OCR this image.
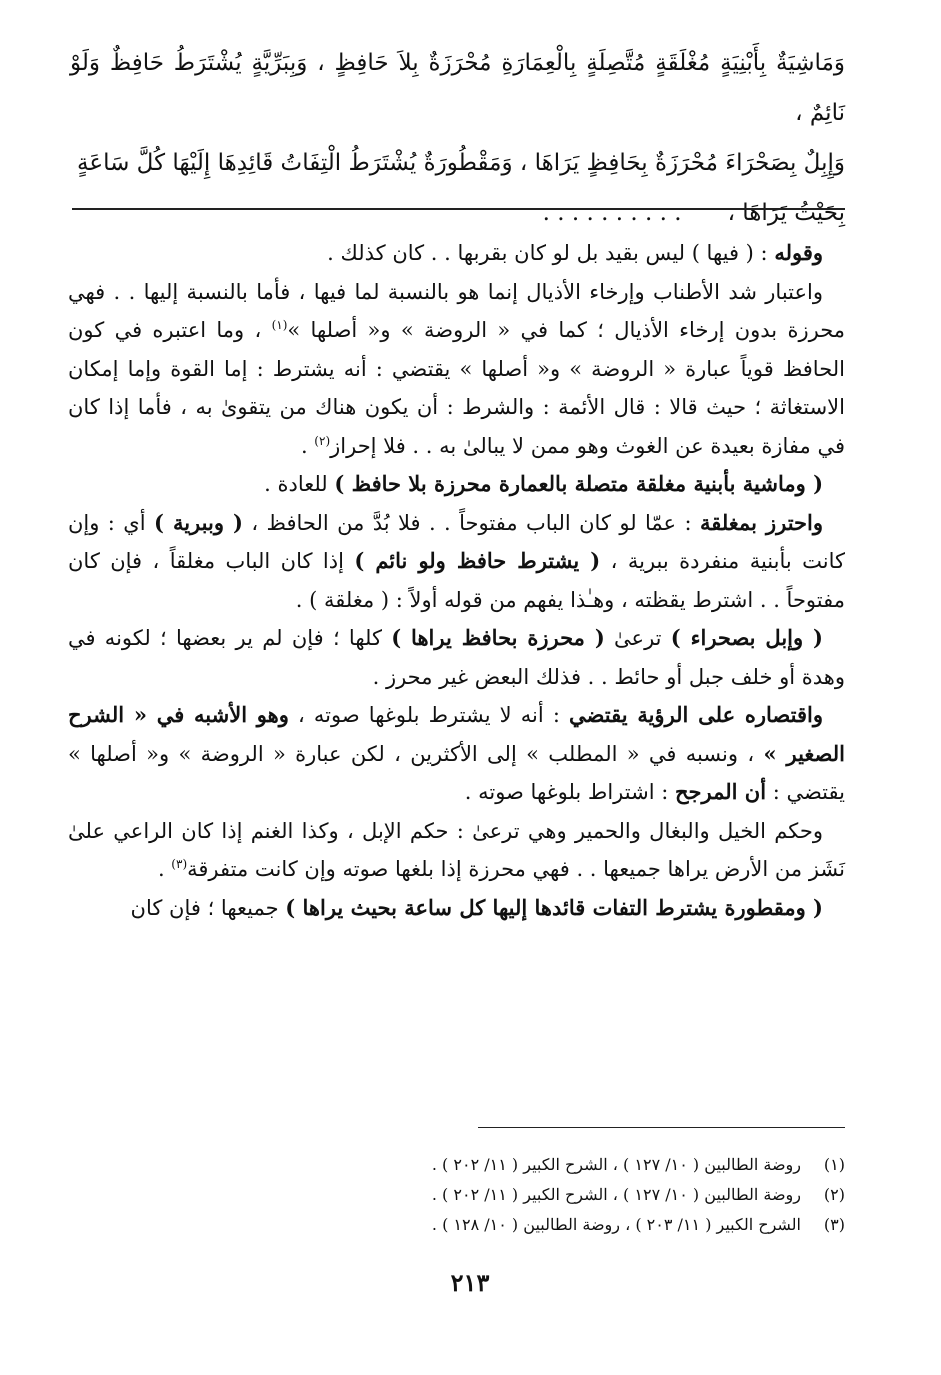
وَمَاشِيَةٌ بِأَبْنِيَةٍ مُغْلَقَةٍ مُتَّصِلَةٍ بِالْعِمَارَةِ مُحْرَزَةٌ بِلاَ حَافِظٍ ، وَبِبَرِّيَّةٍ يُشْتَرَطُ حَافِظٌ وَلَوْ نَائِمٌ ،
وَإِبِلٌ بِصَحْرَاءَ مُحْرَزَةٌ بِحَافِظٍ يَرَاهَا ، وَمَقْطُورَةٌ يُشْتَرَطُ الْتِفَاتُ قَائِدِهَا إِلَيْهَا كُلَّ سَاعَةٍ
بِحَيْثُ يَرَاهَا ،  . . . . . . . . . .

وقوله : ( فيها ) ليس بقيد بل لو كان بقربها . . كان كذلك .

واعتبار شد الأطناب وإرخاء الأذيال إنما هو بالنسبة لما فيها ، فأما بالنسبة إليها . . فهي محرزة بدون إرخاء الأذيال ؛ كما في « الروضة » و« أصلها »$^{(١)}$ ، وما اعتبره في كون الحافظ قوياً عبارة « الروضة » و« أصلها » يقتضي : أنه يشترط : إما القوة وإما إمكان الاستغاثة ؛ حيث قالا : قال الأئمة : والشرط : أن يكون هناك من يتقوىٰ به ، فأما إذا كان في مفازة بعيدة عن الغوث وهو ممن لا يبالىٰ به . . فلا إحراز$^{(٢)}$ .

( وماشية بأبنية مغلقة متصلة بالعمارة محرزة بلا حافظ ) للعادة .

واحترز بمغلقة : عمّا لو كان الباب مفتوحاً . . فلا بُدَّ من الحافظ ، ( وببرية ) أي : وإن كانت بأبنية منفردة ببرية ، ( يشترط حافظ ولو نائم ) إذا كان الباب مغلقاً ، فإن كان مفتوحاً . . اشترط يقظته ، وهـٰذا يفهم من قوله أولاً : ( مغلقة ) .

( وإبل بصحراء ) ترعىٰ ( محرزة بحافظ يراها ) كلها ؛ فإن لم ير بعضها ؛ لكونه في وهدة أو خلف جبل أو حائط . . فذلك البعض غير محرز .

واقتصاره على الرؤية يقتضي : أنه لا يشترط بلوغها صوته ، وهو الأشبه في « الشرح الصغير » ، ونسبه في « المطلب » إلى الأكثرين ، لكن عبارة « الروضة » و« أصلها » يقتضي : أن المرجح : اشتراط بلوغها صوته .

وحكم الخيل والبغال والحمير وهي ترعىٰ : حكم الإبل ، وكذا الغنم إذا كان الراعي علىٰ نَشَز من الأرض يراها جميعها . . فهي محرزة إذا بلغها صوته وإن كانت متفرقة$^{(٣)}$ .

( ومقطورة يشترط التفات قائدها إليها كل ساعة بحيث يراها ) جميعها ؛ فإن كان

(١)
روضة الطالبين ( ١٠/ ١٢٧ ) ، الشرح الكبير ( ١١/ ٢٠٢ ) .
(٢)
روضة الطالبين ( ١٠/ ١٢٧ ) ، الشرح الكبير ( ١١/ ٢٠٢ ) .
(٣)
الشرح الكبير ( ١١/ ٢٠٣ ) ، روضة الطالبين ( ١٠/ ١٢٨ ) .
٢١٣
